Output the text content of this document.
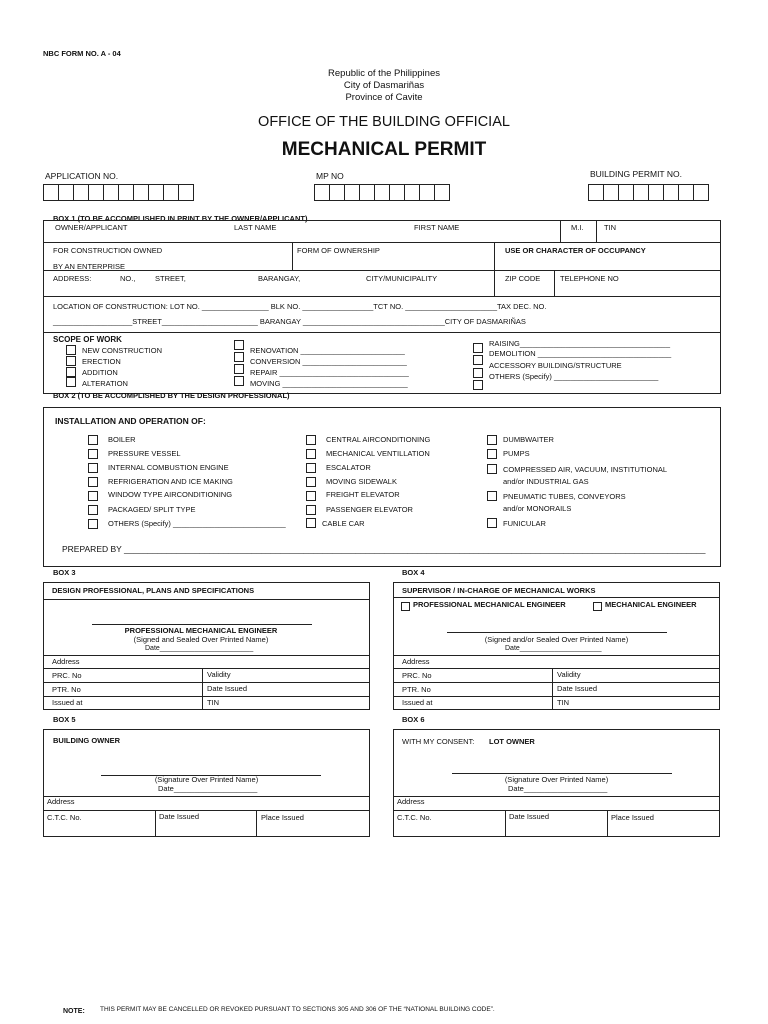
NBC FORM NO. A - 04
Republic of the Philippines
City of Dasmariñas
Province of Cavite
OFFICE OF THE BUILDING OFFICIAL
MECHANICAL PERMIT
APPLICATION NO.	MP NO	BUILDING PERMIT NO.
BOX 1 (TO BE ACCOMPLISHED IN PRINT BY THE OWNER/APPLICANT)
OWNER/APPLICANT	LAST NAME	FIRST NAME	M.I.	TIN
FOR CONSTRUCTION OWNED
BY AN ENTERPRISE
FORM OF OWNERSHIP	USE OR CHARACTER OF OCCUPANCY
ADDRESS:	NO.,	STREET,	BARANGAY,	CITY/MUNICIPALITY	ZIP CODE	TELEPHONE NO
LOCATION OF CONSTRUCTION: LOT NO. ________________ BLK NO. _________________TCT NO. ______________________TAX DEC. NO.
___________________STREET_______________________ BARANGAY __________________________________CITY OF DASMARIÑAS
SCOPE OF WORK
NEW CONSTRUCTION
ERECTION
ADDITION
ALTERATION
RENOVATION _________________________
CONVERSION _________________________
REPAIR _______________________________
MOVING ______________________________
RAISING____________________________________
DEMOLITION ________________________________
ACCESSORY BUILDING/STRUCTURE
OTHERS (Specify) _________________________
BOX 2 (TO BE ACCOMPLISHED BY THE DESIGN PROFESSIONAL)
INSTALLATION AND OPERATION OF:
BOILER
PRESSURE VESSEL
INTERNAL COMBUSTION ENGINE
REFRIGERATION AND ICE MAKING
WINDOW TYPE AIRCONDITIONING
PACKAGED/ SPLIT TYPE
OTHERS (Specify) ___________________________
CENTRAL AIRCONDITIONING
MECHANICAL VENTILLATION
ESCALATOR
MOVING SIDEWALK
FREIGHT ELEVATOR
PASSENGER ELEVATOR
CABLE CAR
DUMBWAITER
PUMPS
COMPRESSED AIR, VACUUM, INSTITUTIONAL
and/or INDUSTRIAL GAS
PNEUMATIC TUBES, CONVEYORS
and/or MONORAILS
FUNICULAR
PREPARED BY ___________________________________________________________________________________________________________________________
BOX 3
DESIGN PROFESSIONAL, PLANS AND SPECIFICATIONS
PROFESSIONAL MECHANICAL ENGINEER
(Signed and Sealed Over Printed Name)
Date________________________
Address
PRC. No	Validity
PTR. No	Date Issued
Issued at	TIN
BOX 4
SUPERVISOR / IN-CHARGE OF MECHANICAL WORKS
PROFESSIONAL MECHANICAL ENGINEER	MECHANICAL ENGINEER
(Signed and/or Sealed Over Printed Name)
Date_____________________
Address
PRC. No	Validity
PTR. No	Date Issued
Issued at	TIN
BOX 5
BUILDING OWNER
(Signature Over Printed Name)
Date____________________
Address
C.T.C. No.	Date Issued	Place Issued
BOX 6
WITH MY CONSENT: LOT OWNER
(Signature Over Printed Name)
Date____________________
Address
C.T.C. No.	Date Issued	Place Issued
NOTE: THIS PERMIT MAY BE CANCELLED OR REVOKED PURSUANT TO SECTIONS 305 AND 306 OF THE “NATIONAL BUILDING CODE”.
